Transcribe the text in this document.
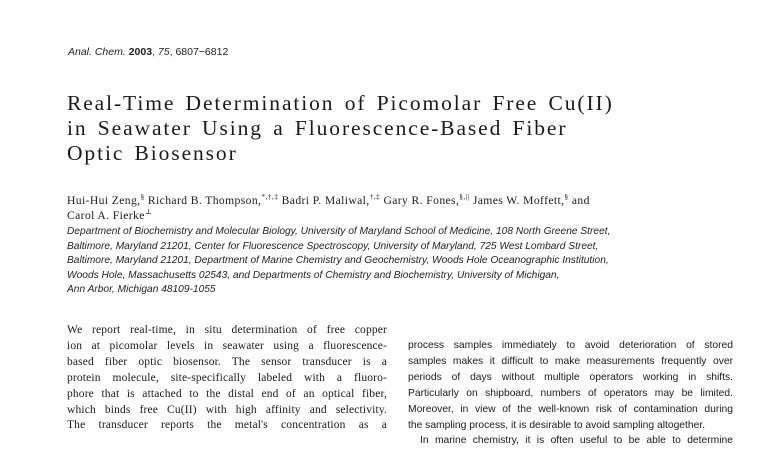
Anal. Chem. 2003, 75, 6807−6812
Real-Time Determination of Picomolar Free Cu(II)
in Seawater Using a Fluorescence-Based Fiber
Optic Biosensor
Hui-Hui Zeng,§ Richard B. Thompson,*,†,‡ Badri P. Maliwal,†,‡ Gary R. Fones,§,|| James W. Moffett,§ and
Carol A. Fierke⊥
Department of Biochemistry and Molecular Biology, University of Maryland School of Medicine, 108 North Greene Street,
Baltimore, Maryland 21201, Center for Fluorescence Spectroscopy, University of Maryland, 725 West Lombard Street,
Baltimore, Maryland 21201, Department of Marine Chemistry and Geochemistry, Woods Hole Oceanographic Institution,
Woods Hole, Massachusetts 02543, and Departments of Chemistry and Biochemistry, University of Michigan,
Ann Arbor, Michigan 48109-1055
We report real-time, in situ determination of free copper
ion at picomolar levels in seawater using a fluorescence-
based fiber optic biosensor. The sensor transducer is a
protein molecule, site-specifically labeled with a fluoro-
phore that is attached to the distal end of an optical fiber,
which binds free Cu(II) with high affinity and selectivity.
The transducer reports the metal's concentration as a
process samples immediately to avoid deterioration of stored
samples makes it difficult to make measurements frequently over
periods of days without multiple operators working in shifts.
Particularly on shipboard, numbers of operators may be limited.
Moreover, in view of the well-known risk of contamination during
the sampling process, it is desirable to avoid sampling altogether.
In marine chemistry, it is often useful to be able to determine
